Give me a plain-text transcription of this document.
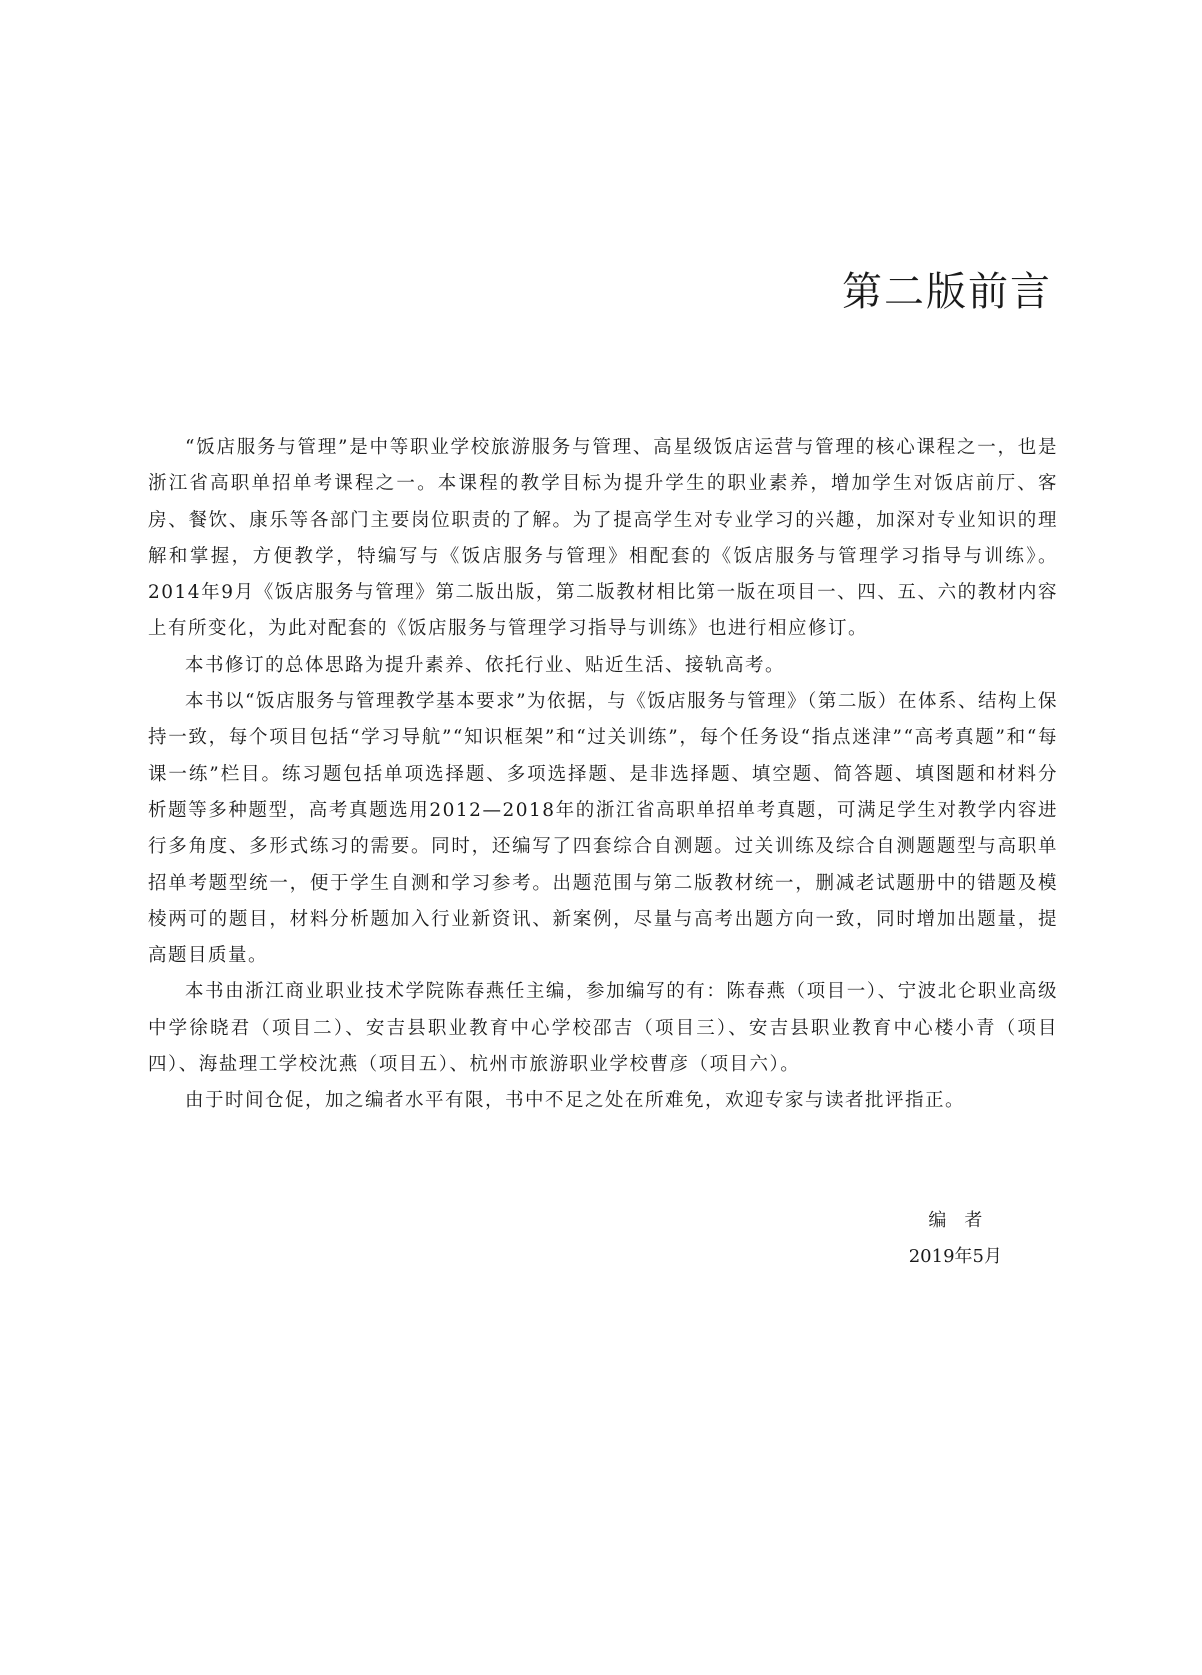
第二版前言

“饭店服务与管理”是中等职业学校旅游服务与管理、高星级饭店运营与管理的核心课程之一，也是浙江省高职单招单考课程之一。本课程的教学目标为提升学生的职业素养，增加学生对饭店前厅、客房、餐饮、康乐等各部门主要岗位职责的了解。为了提高学生对专业学习的兴趣，加深对专业知识的理解和掌握，方便教学，特编写与《饭店服务与管理》相配套的《饭店服务与管理学习指导与训练》。2014年9月《饭店服务与管理》第二版出版，第二版教材相比第一版在项目一、四、五、六的教材内容上有所变化，为此对配套的《饭店服务与管理学习指导与训练》也进行相应修订。

本书修订的总体思路为提升素养、依托行业、贴近生活、接轨高考。

本书以“饭店服务与管理教学基本要求”为依据，与《饭店服务与管理》（第二版）在体系、结构上保持一致，每个项目包括“学习导航”“知识框架”和“过关训练”，每个任务设“指点迷津”“高考真题”和“每课一练”栏目。练习题包括单项选择题、多项选择题、是非选择题、填空题、简答题、填图题和材料分析题等多种题型，高考真题选用2012—2018年的浙江省高职单招单考真题，可满足学生对教学内容进行多角度、多形式练习的需要。同时，还编写了四套综合自测题。过关训练及综合自测题题型与高职单招单考题型统一，便于学生自测和学习参考。出题范围与第二版教材统一，删减老试题册中的错题及模棱两可的题目，材料分析题加入行业新资讯、新案例，尽量与高考出题方向一致，同时增加出题量，提高题目质量。

本书由浙江商业职业技术学院陈春燕任主编，参加编写的有：陈春燕（项目一）、宁波北仑职业高级中学徐晓君（项目二）、安吉县职业教育中心学校邵吉（项目三）、安吉县职业教育中心楼小青（项目四）、海盐理工学校沈燕（项目五）、杭州市旅游职业学校曹彦（项目六）。

由于时间仓促，加之编者水平有限，书中不足之处在所难免，欢迎专家与读者批评指正。

编者
2019年5月
